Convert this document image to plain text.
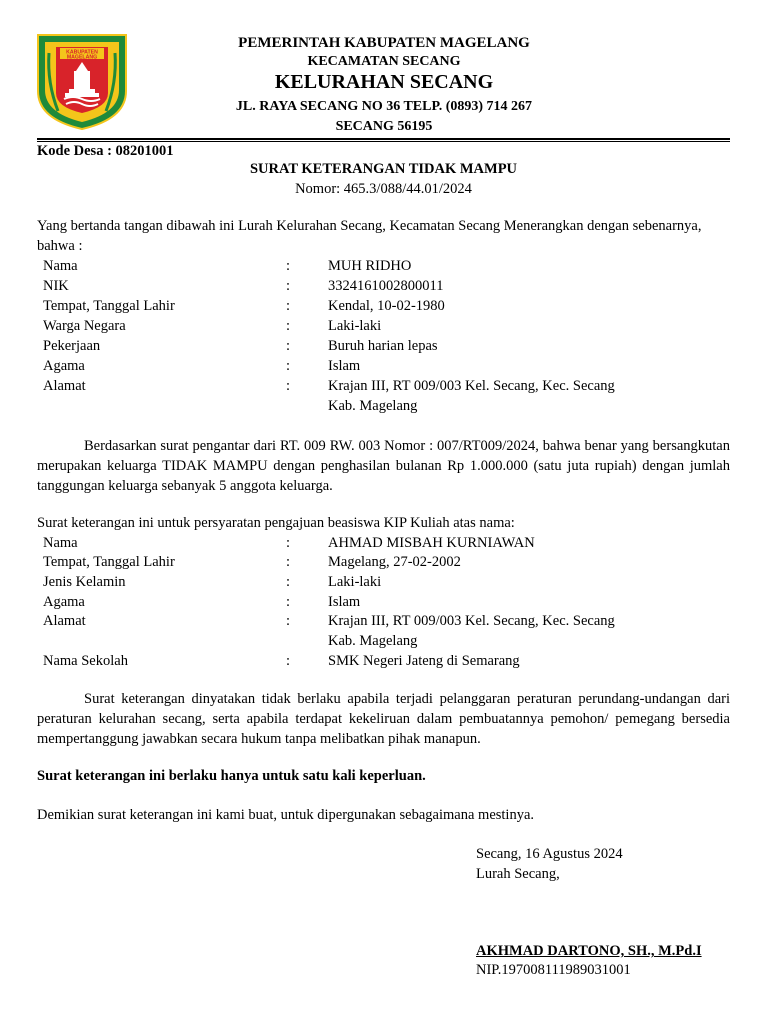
KABUPATEN
MAGELANG
PEMERINTAH KABUPATEN MAGELANG
KECAMATAN SECANG
KELURAHAN SECANG
JL. RAYA SECANG NO 36 TELP. (0893) 714 267
SECANG 56195
Kode Desa : 08201001
SURAT KETERANGAN TIDAK MAMPU
Nomor: 465.3/088/44.01/2024

Yang bertanda tangan dibawah ini Lurah Kelurahan Secang, Kecamatan Secang Menerangkan dengan sebenarnya, bahwa :

Nama	:	MUH RIDHO
NIK	:	3324161002800011
Tempat, Tanggal Lahir	:	Kendal, 10-02-1980
Warga Negara	:	Laki-laki
Pekerjaan	:	Buruh harian lepas
Agama	:	Islam
Alamat	:	Krajan III, RT 009/003 Kel. Secang, Kec. Secang
Kab. Magelang

Berdasarkan surat pengantar dari RT. 009 RW. 003 Nomor : 007/RT009/2024, bahwa benar yang bersangkutan merupakan keluarga TIDAK MAMPU dengan penghasilan bulanan Rp 1.000.000 (satu juta rupiah) dengan jumlah tanggungan keluarga sebanyak 5 anggota keluarga.

Surat keterangan ini untuk persyaratan pengajuan beasiswa KIP Kuliah atas nama:

Nama	:	AHMAD MISBAH KURNIAWAN
Tempat, Tanggal Lahir	:	Magelang, 27-02-2002
Jenis Kelamin	:	Laki-laki
Agama	:	Islam
Alamat	:	Krajan III, RT 009/003 Kel. Secang, Kec. Secang
Kab. Magelang
Nama Sekolah	:	SMK Negeri Jateng di Semarang

Surat keterangan dinyatakan tidak berlaku apabila terjadi pelanggaran peraturan perundang-undangan dari peraturan kelurahan secang, serta apabila terdapat kekeliruan dalam pembuatannya pemohon/ pemegang bersedia mempertanggung jawabkan secara hukum tanpa melibatkan pihak manapun.

Surat keterangan ini berlaku hanya untuk satu kali keperluan.

Demikian surat keterangan ini kami buat, untuk dipergunakan sebagaimana mestinya.

Secang, 16 Agustus 2024
Lurah Secang,
AKHMAD DARTONO, SH., M.Pd.I
NIP.197008111989031001
